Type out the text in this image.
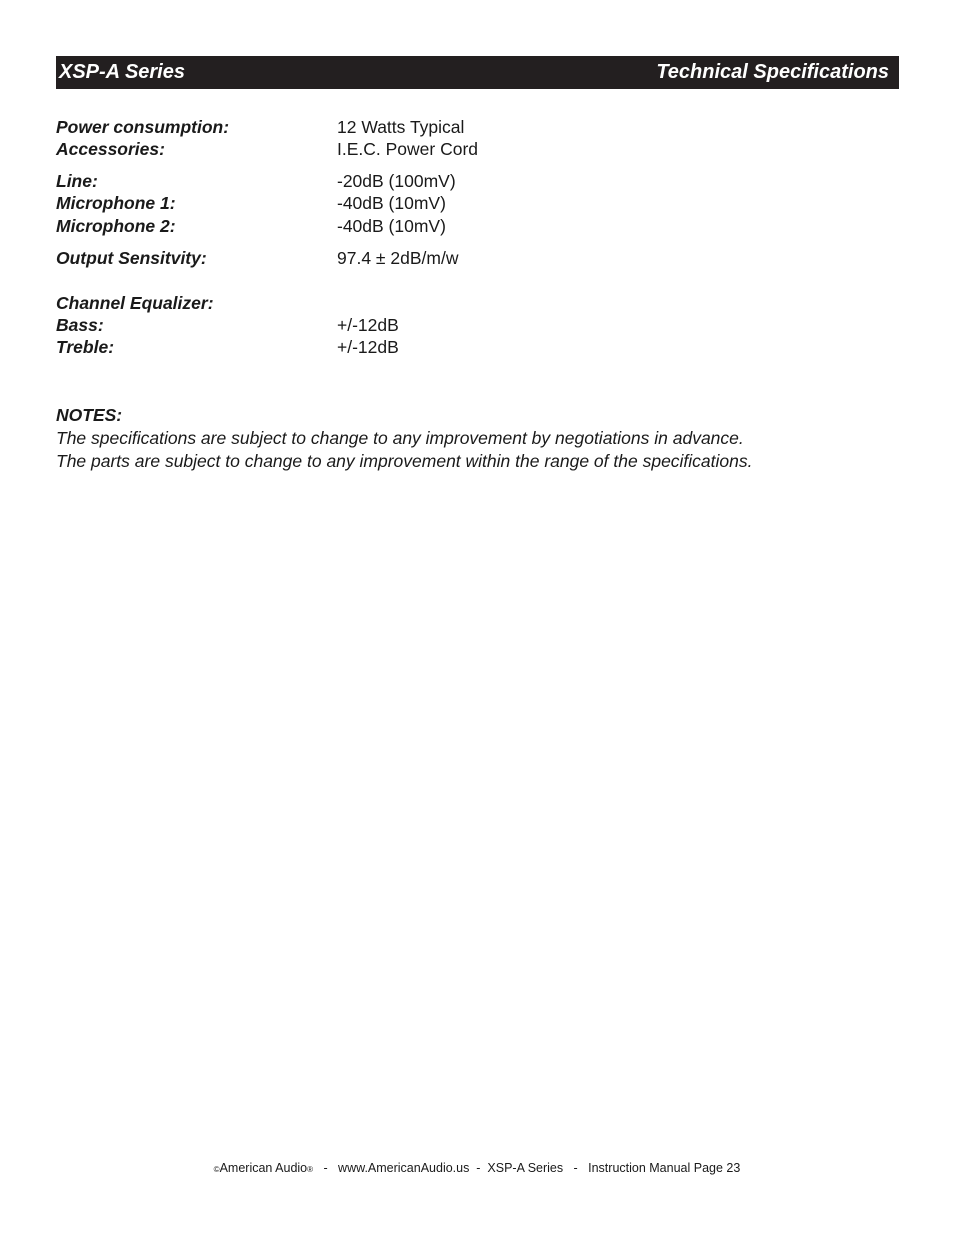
XSP-A Series	Technical Specifications
Power consumption:	12 Watts Typical
Accessories:	I.E.C. Power Cord
Line:	-20dB (100mV)
Microphone 1:	-40dB (10mV)
Microphone 2:	-40dB (10mV)
Output Sensitvity:	97.4 ± 2dB/m/w
Channel Equalizer:
Bass:	+/-12dB
Treble:	+/-12dB
NOTES:
The specifications are subject to change to any improvement by negotiations in advance.
The parts are subject to change to any improvement within the range of the specifications.
©American Audio®   -   www.AmericanAudio.us  -  XSP-A Series   -   Instruction Manual Page 23
